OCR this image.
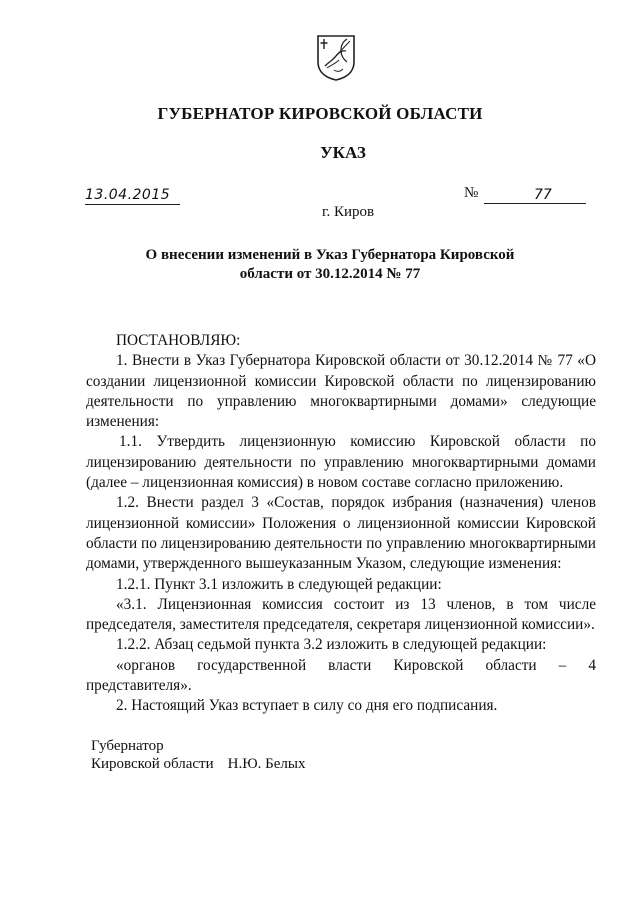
ГУБЕРНАТОР КИРОВСКОЙ ОБЛАСТИ
УКАЗ
13.04.2015	№	77
г. Киров
О внесении изменений в Указ Губернатора Кировской
области от 30.12.2014 № 77

ПОСТАНОВЛЯЮ:

1. Внести в Указ Губернатора Кировской области от 30.12.2014 № 77 «О создании лицензионной комиссии Кировской области по лицензированию деятельности по управлению многоквартирными домами» следующие изменения:

1.1. Утвердить лицензионную комиссию Кировской области по лицензированию деятельности по управлению многоквартирными домами (далее – лицензионная комиссия) в новом составе согласно приложению.

1.2. Внести раздел 3 «Состав, порядок избрания (назначения) членов лицензионной комиссии» Положения о лицензионной комиссии Кировской области по лицензированию деятельности по управлению многоквартирными домами, утвержденного вышеуказанным Указом, следующие изменения:

1.2.1. Пункт 3.1 изложить в следующей редакции:

«3.1. Лицензионная комиссия состоит из 13 членов, в том числе председателя, заместителя председателя, секретаря лицензионной комиссии».

1.2.2. Абзац седьмой пункта 3.2 изложить в следующей редакции:

«органов государственной власти Кировской области – 4 представителя».

2. Настоящий Указ вступает в силу со дня его подписания.

Губернатор
Кировской области Н.Ю. Белых
